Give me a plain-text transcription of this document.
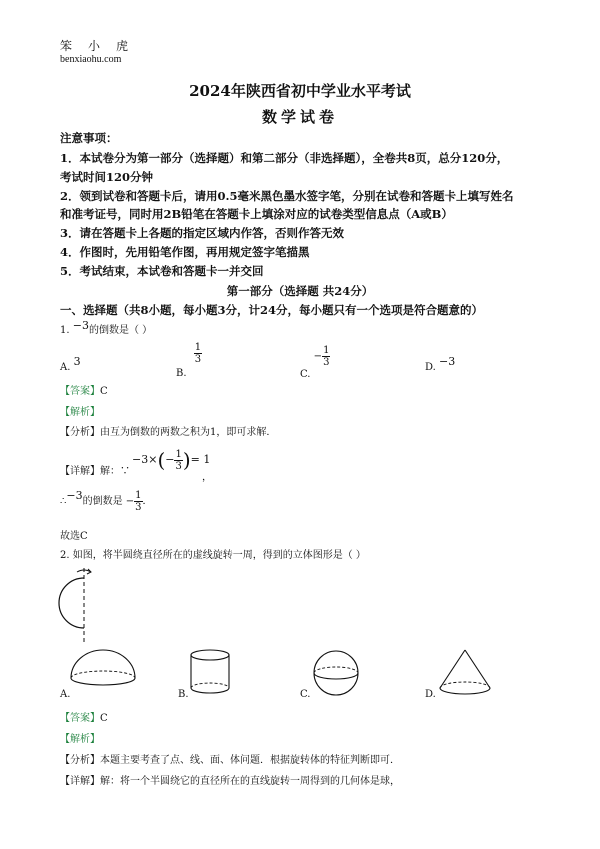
笨　小　虎
benxiaohu.com
2024年陕西省初中学业水平考试
数学试卷
注意事项：
1．本试卷分为第一部分（选择题）和第二部分（非选择题），全卷共8页，总分120分，
考试时间120分钟
2．领到试卷和答题卡后，请用0.5毫米黑色墨水签字笔，分别在试卷和答题卡上填写姓名
和准考证号，同时用2B铅笔在答题卡上填涂对应的试卷类型信息点（A或B）
3．请在答题卡上各题的指定区域内作答，否则作答无效
4．作图时，先用铅笔作图，再用规定签字笔描黑
5．考试结束，本试卷和答题卡一并交回
第一部分（选择题 共24分）
一、选择题（共8小题，每小题3分，计24分，每小题只有一个选项是符合题意的）
1. −3的倒数是（ ）
A. 3
B.
$\frac{1}{3}$
C. − $\frac{1}{3}$	D. −3
【答案】C
【解析】
【分析】由互为倒数的两数之积为1，即可求解．
【详解】解：∵
$-3\times(- \frac{1}{3}$ )= 1
，
∴−3的倒数是 − $\frac{1}{3}$ ．
故选C
2. 如图，将半圆绕直径所在的虚线旋转一周，得到的立体图形是（ ）
A.	B.	C.	D.
【答案】C
【解析】
【分析】本题主要考查了点、线、面、体问题．根据旋转体的特征判断即可．
【详解】解：将一个半圆绕它的直径所在的直线旋转一周得到的几何体是球，
